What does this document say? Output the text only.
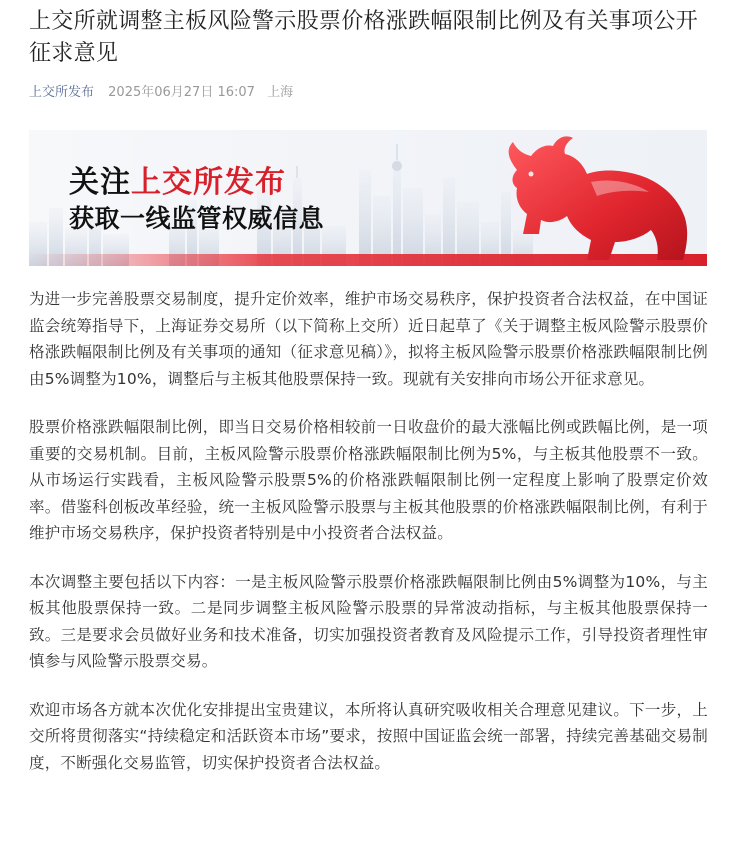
上交所就调整主板风险警示股票价格涨跌幅限制比例及有关事项公开征求意见
上交所发布 2025年06月27日 16:07 上海
关注上交所发布
获取一线监管权威信息

为进一步完善股票交易制度，提升定价效率，维护市场交易秩序，保护投资者合法权益，在中国证监会统筹指导下，上海证券交易所（以下简称上交所）近日起草了《关于调整主板风险警示股票价格涨跌幅限制比例及有关事项的通知（征求意见稿）》，拟将主板风险警示股票价格涨跌幅限制比例由5%调整为10%，调整后与主板其他股票保持一致。现就有关安排向市场公开征求意见。

股票价格涨跌幅限制比例，即当日交易价格相较前一日收盘价的最大涨幅比例或跌幅比例，是一项重要的交易机制。目前，主板风险警示股票价格涨跌幅限制比例为5%，与主板其他股票不一致。从市场运行实践看，主板风险警示股票5%的价格涨跌幅限制比例一定程度上影响了股票定价效率。借鉴科创板改革经验，统一主板风险警示股票与主板其他股票的价格涨跌幅限制比例，有利于维护市场交易秩序，保护投资者特别是中小投资者合法权益。

本次调整主要包括以下内容：一是主板风险警示股票价格涨跌幅限制比例由5%调整为10%，与主板其他股票保持一致。二是同步调整主板风险警示股票的异常波动指标，与主板其他股票保持一致。三是要求会员做好业务和技术准备，切实加强投资者教育及风险提示工作，引导投资者理性审慎参与风险警示股票交易。

欢迎市场各方就本次优化安排提出宝贵建议，本所将认真研究吸收相关合理意见建议。下一步，上交所将贯彻落实“持续稳定和活跃资本市场”要求，按照中国证监会统一部署，持续完善基础交易制度，不断强化交易监管，切实保护投资者合法权益。
